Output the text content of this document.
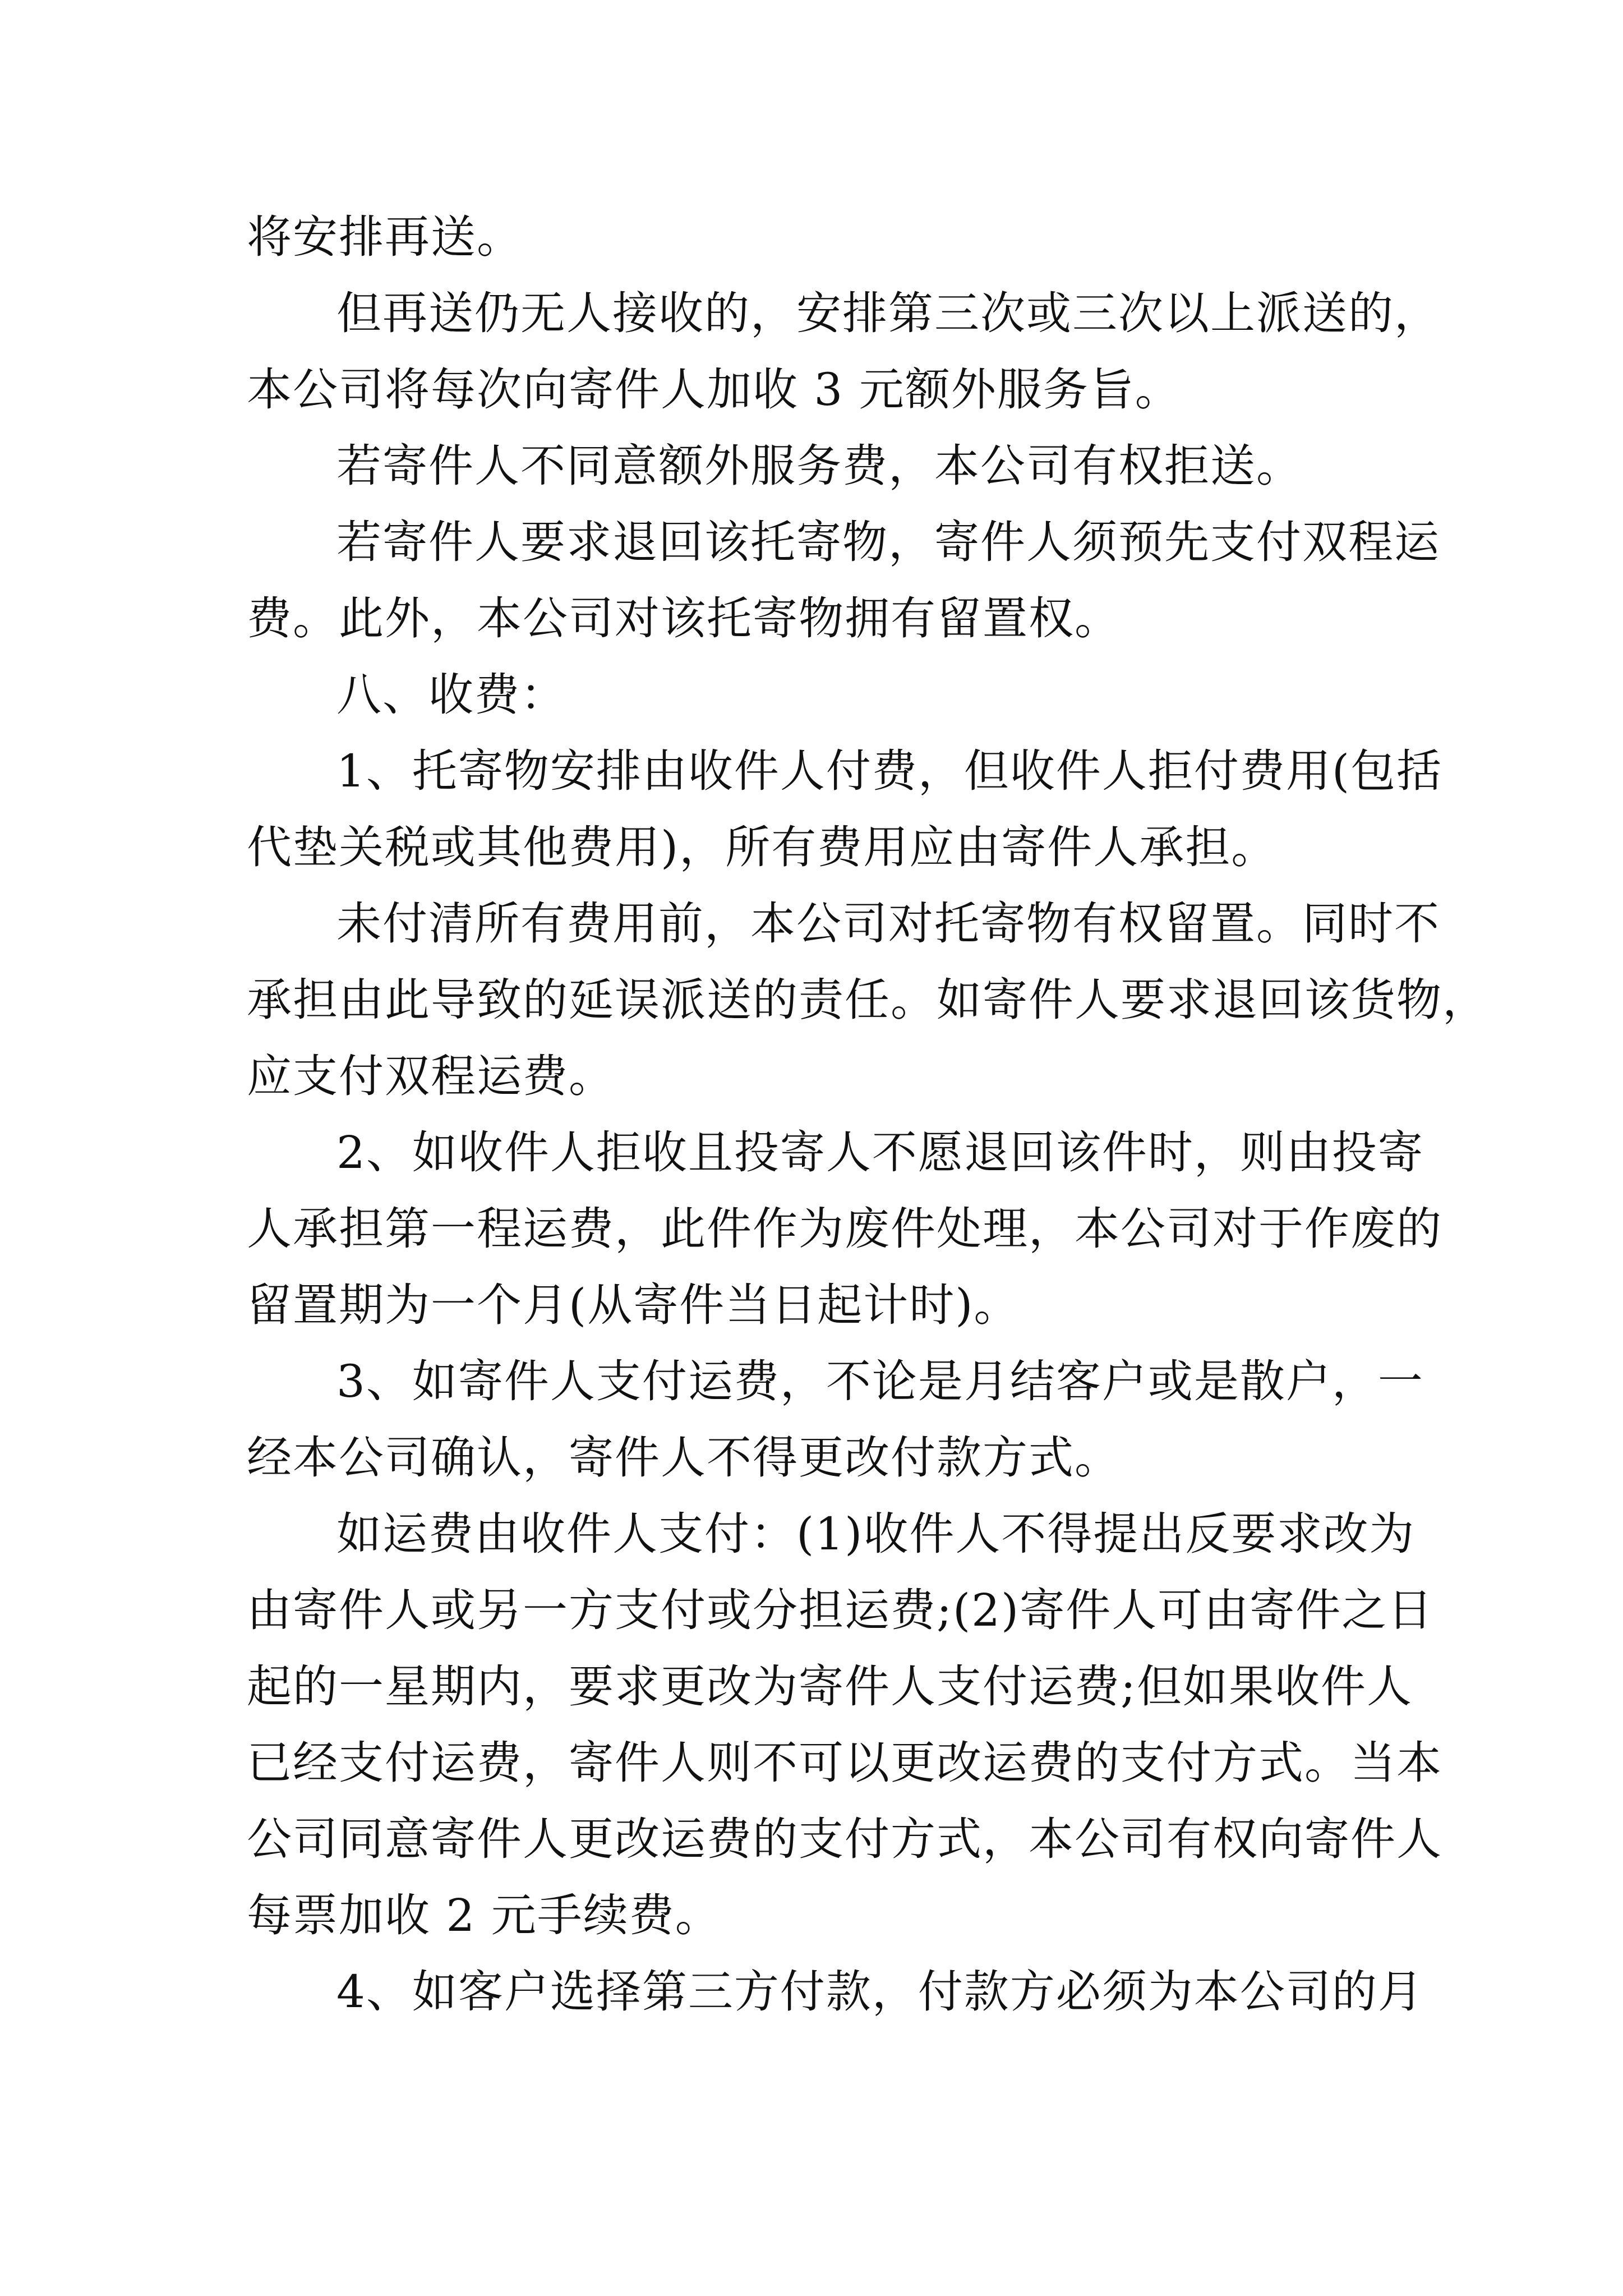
将安排再送。

但再送仍无人接收的，安排第三次或三次以上派送的，

本公司将每次向寄件人加收 3 元额外服务旨。

若寄件人不同意额外服务费，本公司有权拒送。

若寄件人要求退回该托寄物，寄件人须预先支付双程运

费。此外，本公司对该托寄物拥有留置权。

八、收费：

1、托寄物安排由收件人付费，但收件人拒付费用(包括

代垫关税或其他费用)，所有费用应由寄件人承担。

未付清所有费用前，本公司对托寄物有权留置。同时不

承担由此导致的延误派送的责任。如寄件人要求退回该货物，

应支付双程运费。

2、如收件人拒收且投寄人不愿退回该件时，则由投寄

人承担第一程运费，此件作为废件处理，本公司对于作废的

留置期为一个月(从寄件当日起计时)。

3、如寄件人支付运费，不论是月结客户或是散户，一

经本公司确认，寄件人不得更改付款方式。

如运费由收件人支付：(1)收件人不得提出反要求改为

由寄件人或另一方支付或分担运费;(2)寄件人可由寄件之日

起的一星期内，要求更改为寄件人支付运费;但如果收件人

已经支付运费，寄件人则不可以更改运费的支付方式。当本

公司同意寄件人更改运费的支付方式，本公司有权向寄件人

每票加收 2 元手续费。

4、如客户选择第三方付款，付款方必须为本公司的月
